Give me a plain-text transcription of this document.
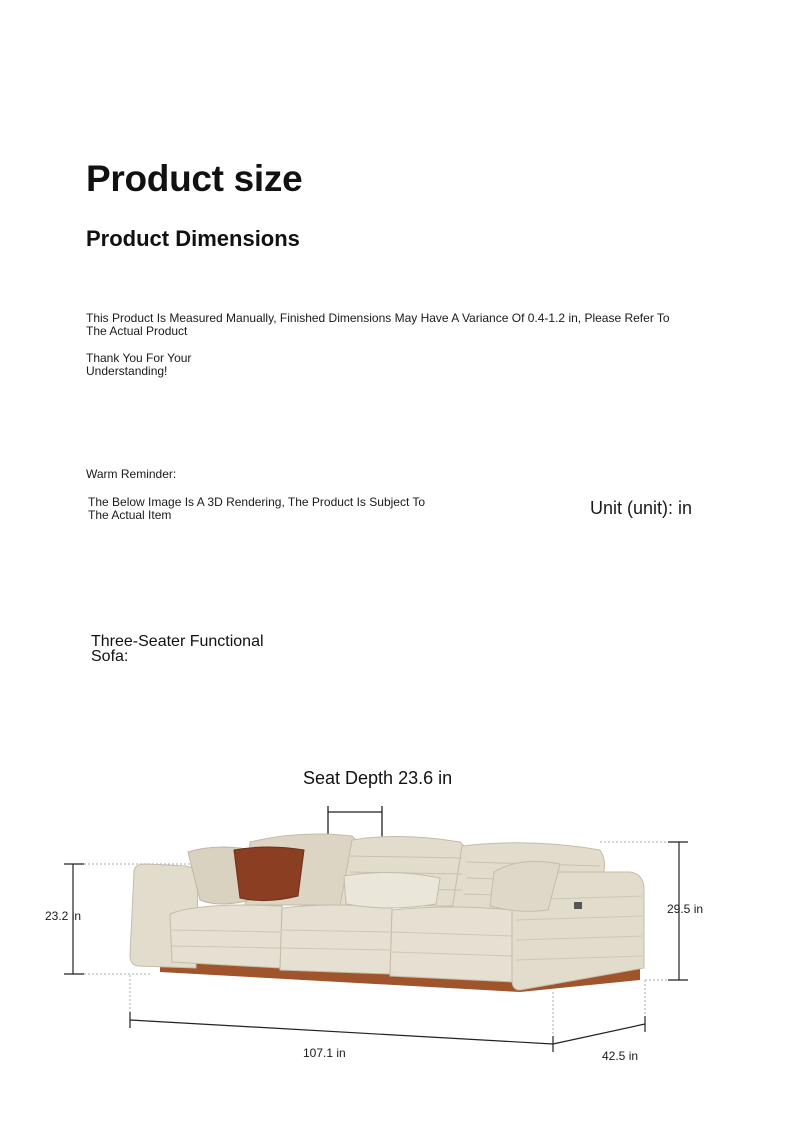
Product size
Product Dimensions
This Product Is Measured Manually, Finished Dimensions May Have A Variance Of 0.4-1.2 in, Please Refer To The Actual Product
Thank You For Your Understanding!
Warm Reminder:
The Below Image Is A 3D Rendering, The Product Is Subject To The Actual Item	Unit (unit): in
Three-Seater Functional Sofa:
Seat Depth 23.6 in
23.2 in	29.5 in
107.1 in	42.5 in
